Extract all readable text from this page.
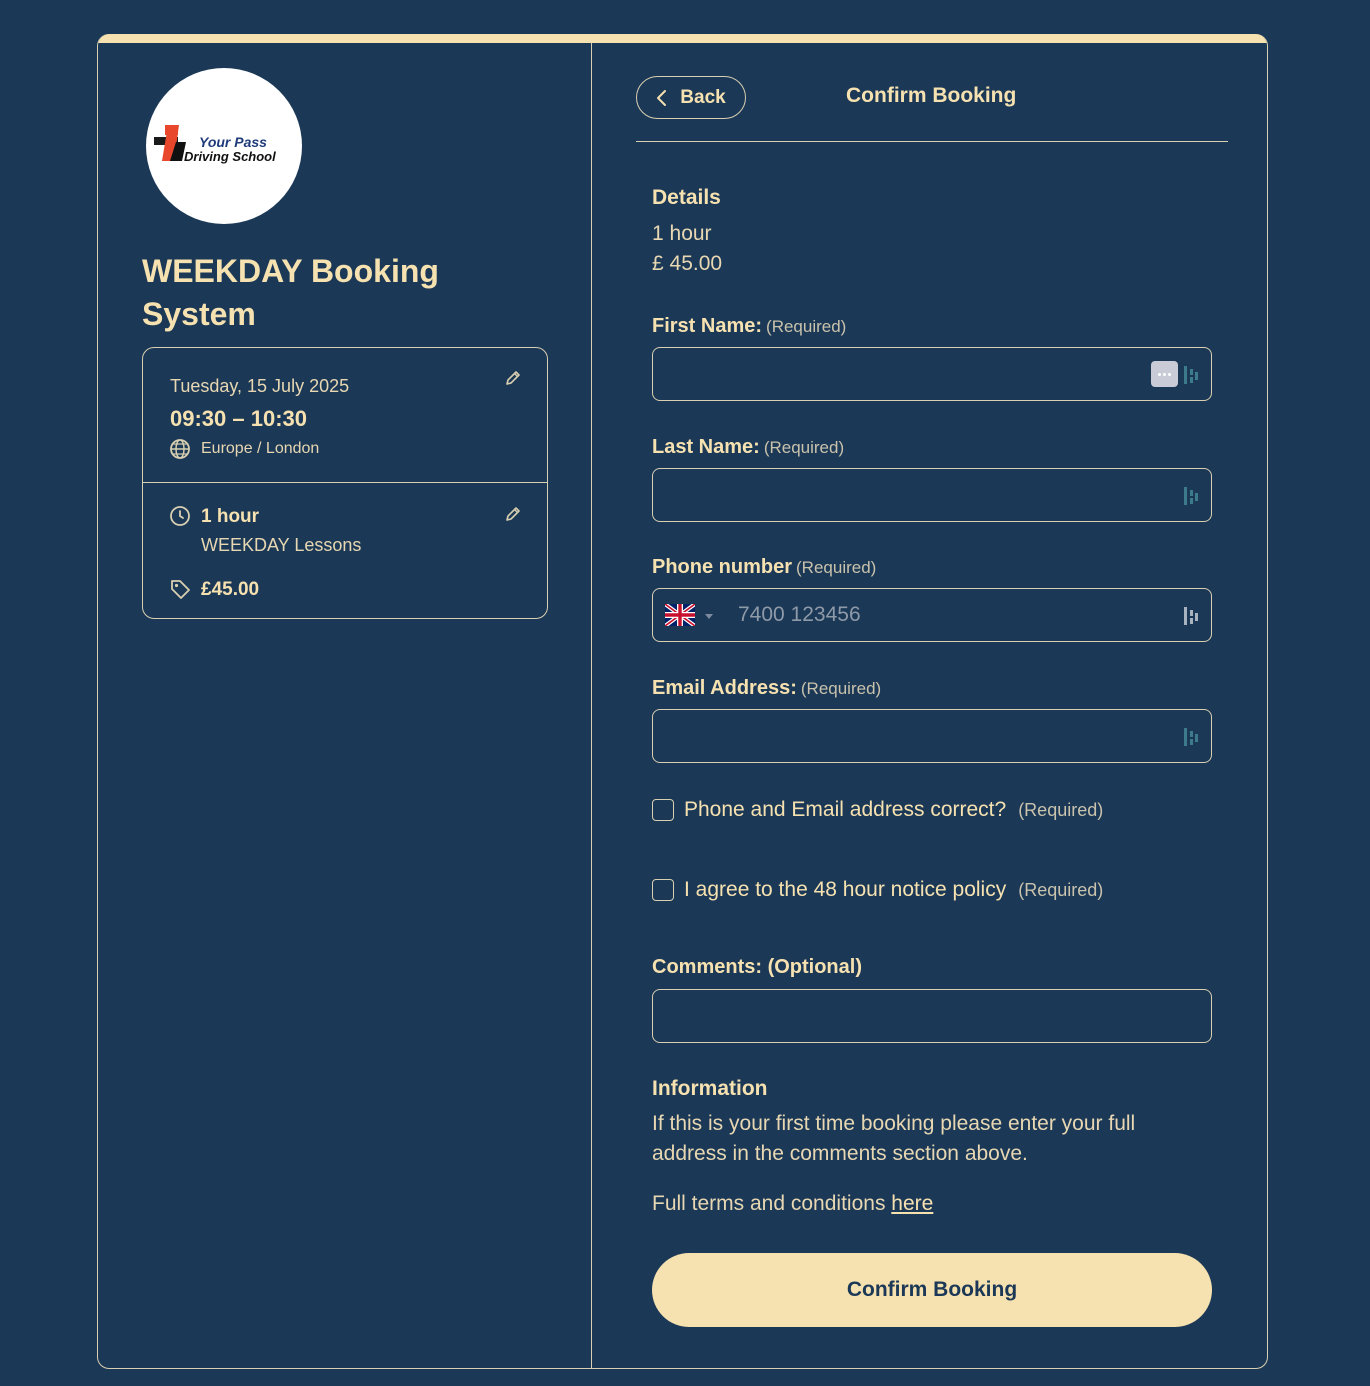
Your Pass
Driving School
WEEKDAY Booking System
Tuesday, 15 July 2025
09:30 – 10:30
Europe / London
1 hour
WEEKDAY Lessons
£45.00
Back	Confirm Booking
Details
1 hour
£ 45.00
First Name: (Required)
Last Name: (Required)
Phone number (Required)
7400 123456
Email Address: (Required)
Phone and Email address correct? (Required)
I agree to the 48 hour notice policy (Required)
Comments: (Optional)
Information
If this is your first time booking please enter your full address in the comments section above.
Full terms and conditions here
Confirm Booking
